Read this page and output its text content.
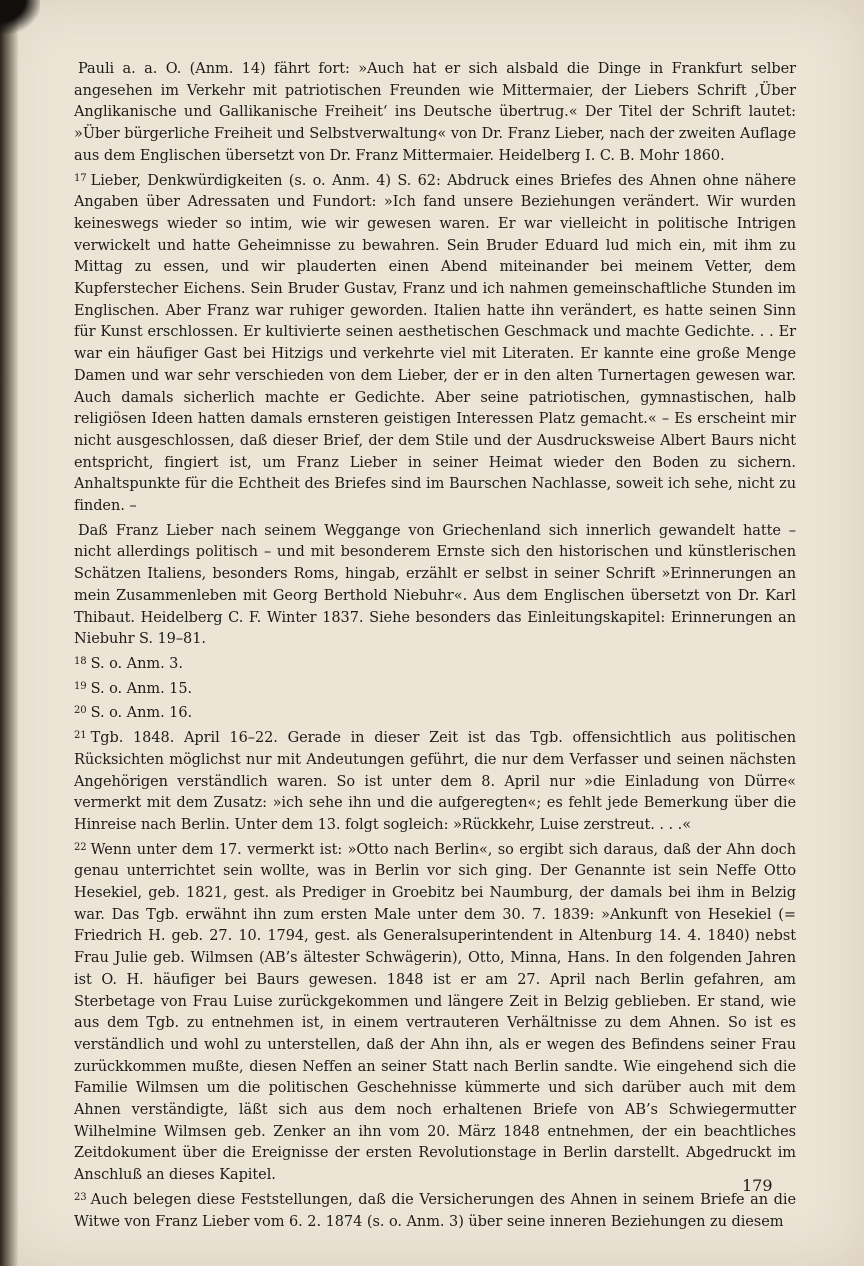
Pauli a. a. O. (Anm. 14) fährt fort: »Auch hat er sich alsbald die Dinge in Frankfurt selber angesehen im Verkehr mit patriotischen Freunden wie Mittermaier, der Liebers Schrift ,Über Anglikanische und Gallikanische Freiheit‘ ins Deutsche übertrug.« Der Titel der Schrift lautet: »Über bürgerliche Freiheit und Selbstverwaltung« von Dr. Franz Lieber, nach der zweiten Auflage aus dem Englischen übersetzt von Dr. Franz Mittermaier. Heidelberg I. C. B. Mohr 1860.

$^{17}$ Lieber, Denkwürdigkeiten (s. o. Anm. 4) S. 62: Abdruck eines Briefes des Ahnen ohne nähere Angaben über Adressaten und Fundort: »Ich fand unsere Beziehungen verändert. Wir wurden keineswegs wieder so intim, wie wir gewesen waren. Er war vielleicht in politische Intrigen verwickelt und hatte Geheimnisse zu bewahren. Sein Bruder Eduard lud mich ein, mit ihm zu Mittag zu essen, und wir plauderten einen Abend miteinander bei meinem Vetter, dem Kupferstecher Eichens. Sein Bruder Gustav, Franz und ich nahmen gemeinschaftliche Stunden im Englischen. Aber Franz war ruhiger geworden. Italien hatte ihn verändert, es hatte seinen Sinn für Kunst erschlossen. Er kultivierte seinen aesthetischen Geschmack und machte Gedichte. . . Er war ein häufiger Gast bei Hitzigs und verkehrte viel mit Literaten. Er kannte eine große Menge Damen und war sehr verschieden von dem Lieber, der er in den alten Turnertagen gewesen war. Auch damals sicherlich machte er Gedichte. Aber seine patriotischen, gymnastischen, halb religiösen Ideen hatten damals ernsteren geistigen Interessen Platz gemacht.« – Es erscheint mir nicht ausgeschlossen, daß dieser Brief, der dem Stile und der Ausdrucksweise Albert Baurs nicht entspricht, fingiert ist, um Franz Lieber in seiner Heimat wieder den Boden zu sichern. Anhaltspunkte für die Echtheit des Briefes sind im Baurschen Nachlasse, soweit ich sehe, nicht zu finden. –

Daß Franz Lieber nach seinem Weggange von Griechenland sich innerlich gewandelt hatte – nicht allerdings politisch – und mit besonderem Ernste sich den historischen und künstlerischen Schätzen Italiens, besonders Roms, hingab, erzählt er selbst in seiner Schrift »Erinnerungen an mein Zusammenleben mit Georg Berthold Niebuhr«. Aus dem Englischen übersetzt von Dr. Karl Thibaut. Heidelberg C. F. Winter 1837. Siehe besonders das Einleitungskapitel: Erinnerungen an Niebuhr S. 19–81.

$^{18}$ S. o. Anm. 3.

$^{19}$ S. o. Anm. 15.

$^{20}$ S. o. Anm. 16.

$^{21}$ Tgb. 1848. April 16–22. Gerade in dieser Zeit ist das Tgb. offensichtlich aus politischen Rücksichten möglichst nur mit Andeutungen geführt, die nur dem Verfasser und seinen nächsten Angehörigen verständlich waren. So ist unter dem 8. April nur »die Einladung von Dürre« vermerkt mit dem Zusatz: »ich sehe ihn und die aufgeregten«; es fehlt jede Bemerkung über die Hinreise nach Berlin. Unter dem 13. folgt sogleich: »Rückkehr, Luise zerstreut. . . .«

$^{22}$ Wenn unter dem 17. vermerkt ist: »Otto nach Berlin«, so ergibt sich daraus, daß der Ahn doch genau unterrichtet sein wollte, was in Berlin vor sich ging. Der Genannte ist sein Neffe Otto Hesekiel, geb. 1821, gest. als Prediger in Groebitz bei Naumburg, der damals bei ihm in Belzig war. Das Tgb. erwähnt ihn zum ersten Male unter dem 30. 7. 1839: »Ankunft von Hesekiel (= Friedrich H. geb. 27. 10. 1794, gest. als Generalsuperintendent in Altenburg 14. 4. 1840) nebst Frau Julie geb. Wilmsen (AB’s ältester Schwägerin), Otto, Minna, Hans. In den folgenden Jahren ist O. H. häufiger bei Baurs gewesen. 1848 ist er am 27. April nach Berlin gefahren, am Sterbetage von Frau Luise zurückgekommen und längere Zeit in Belzig geblieben. Er stand, wie aus dem Tgb. zu entnehmen ist, in einem vertrauteren Verhältnisse zu dem Ahnen. So ist es verständlich und wohl zu unterstellen, daß der Ahn ihn, als er wegen des Befindens seiner Frau zurückkommen mußte, diesen Neffen an seiner Statt nach Berlin sandte. Wie eingehend sich die Familie Wilmsen um die politischen Geschehnisse kümmerte und sich darüber auch mit dem Ahnen verständigte, läßt sich aus dem noch erhaltenen Briefe von AB’s Schwiegermutter Wilhelmine Wilmsen geb. Zenker an ihn vom 20. März 1848 entnehmen, der ein beachtliches Zeitdokument über die Ereignisse der ersten Revolutionstage in Berlin darstellt. Abgedruckt im Anschluß an dieses Kapitel.

$^{23}$ Auch belegen diese Feststellungen, daß die Versicherungen des Ahnen in seinem Briefe an die Witwe von Franz Lieber vom 6. 2. 1874 (s. o. Anm. 3) über seine inneren Beziehungen zu diesem

179
